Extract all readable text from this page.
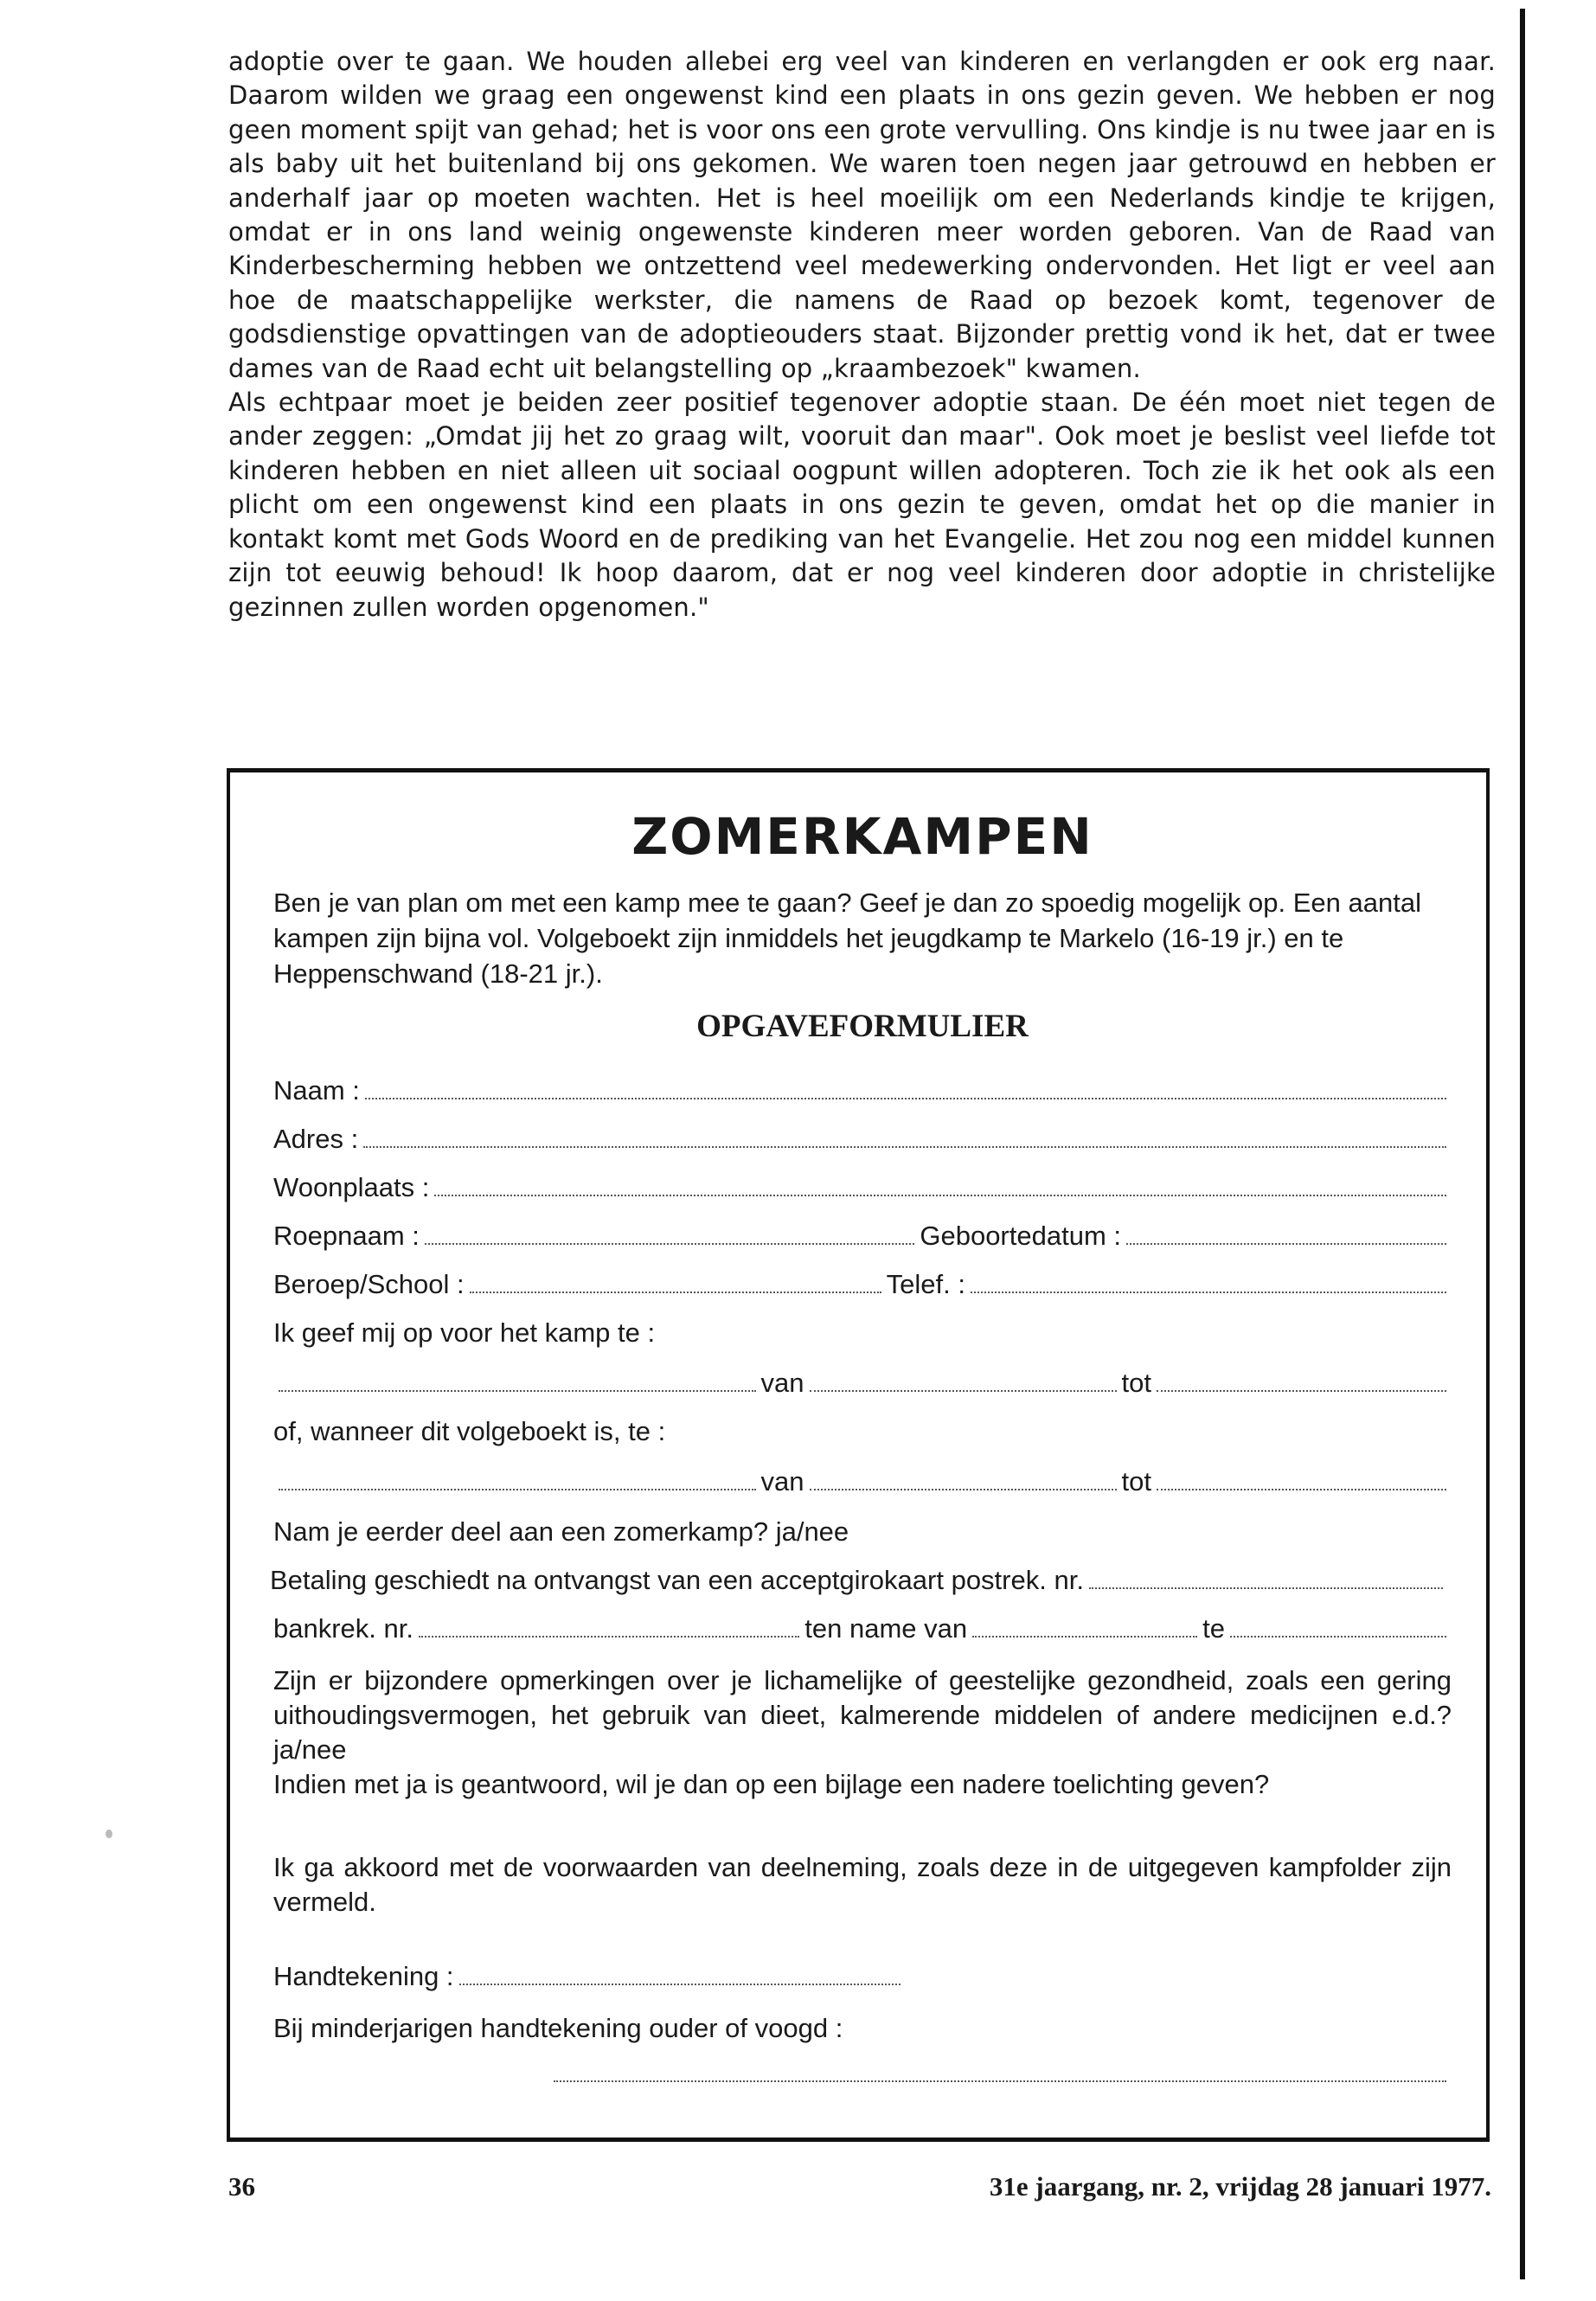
adoptie over te gaan. We houden allebei erg veel van kinderen en verlangden er ook erg naar. Daarom wilden we graag een ongewenst kind een plaats in ons gezin geven. We hebben er nog geen moment spijt van gehad; het is voor ons een grote vervulling. Ons kindje is nu twee jaar en is als baby uit het buitenland bij ons gekomen. We waren toen negen jaar getrouwd en hebben er anderhalf jaar op moeten wachten. Het is heel moeilijk om een Nederlands kindje te krijgen, omdat er in ons land weinig ongewenste kinderen meer worden geboren. Van de Raad van Kinderbescherming hebben we ontzettend veel medewerking ondervonden. Het ligt er veel aan hoe de maatschappelijke werkster, die namens de Raad op bezoek komt, tegenover de godsdienstige opvattingen van de adoptieouders staat. Bijzonder prettig vond ik het, dat er twee dames van de Raad echt uit belangstelling op „kraambezoek" kwamen.

Als echtpaar moet je beiden zeer positief tegenover adoptie staan. De één moet niet tegen de ander zeggen: „Omdat jij het zo graag wilt, vooruit dan maar". Ook moet je beslist veel liefde tot kinderen hebben en niet alleen uit sociaal oogpunt willen adopteren. Toch zie ik het ook als een plicht om een ongewenst kind een plaats in ons gezin te geven, omdat het op die manier in kontakt komt met Gods Woord en de prediking van het Evangelie. Het zou nog een middel kunnen zijn tot eeuwig behoud! Ik hoop daarom, dat er nog veel kinderen door adoptie in christelijke gezinnen zullen worden opgenomen."

ZOMERKAMPEN
Ben je van plan om met een kamp mee te gaan? Geef je dan zo spoedig mogelijk op. Een aantal kampen zijn bijna vol. Volgeboekt zijn inmiddels het jeugdkamp te Markelo (16-19 jr.) en te Heppenschwand (18-21 jr.).
OPGAVEFORMULIER
Naam :
Adres :
Woonplaats :
Roepnaam :	Geboortedatum :
Beroep/School :	Telef. :
Ik geef mij op voor het kamp te :
van	tot
of, wanneer dit volgeboekt is, te :
van	tot
Nam je eerder deel aan een zomerkamp? ja/nee
Betaling geschiedt na ontvangst van een acceptgirokaart postrek. nr.
bankrek. nr.	ten name van	te
Zijn er bijzondere opmerkingen over je lichamelijke of geestelijke gezondheid, zoals een gering uithoudingsvermogen, het gebruik van dieet, kalmerende middelen of andere medicijnen e.d.? ja/nee
Indien met ja is geantwoord, wil je dan op een bijlage een nadere toelichting geven?
Ik ga akkoord met de voorwaarden van deelneming, zoals deze in de uitgegeven kampfolder zijn vermeld.
Handtekening :
Bij minderjarigen handtekening ouder of voogd :
36	31e jaargang, nr. 2, vrijdag 28 januari 1977.
